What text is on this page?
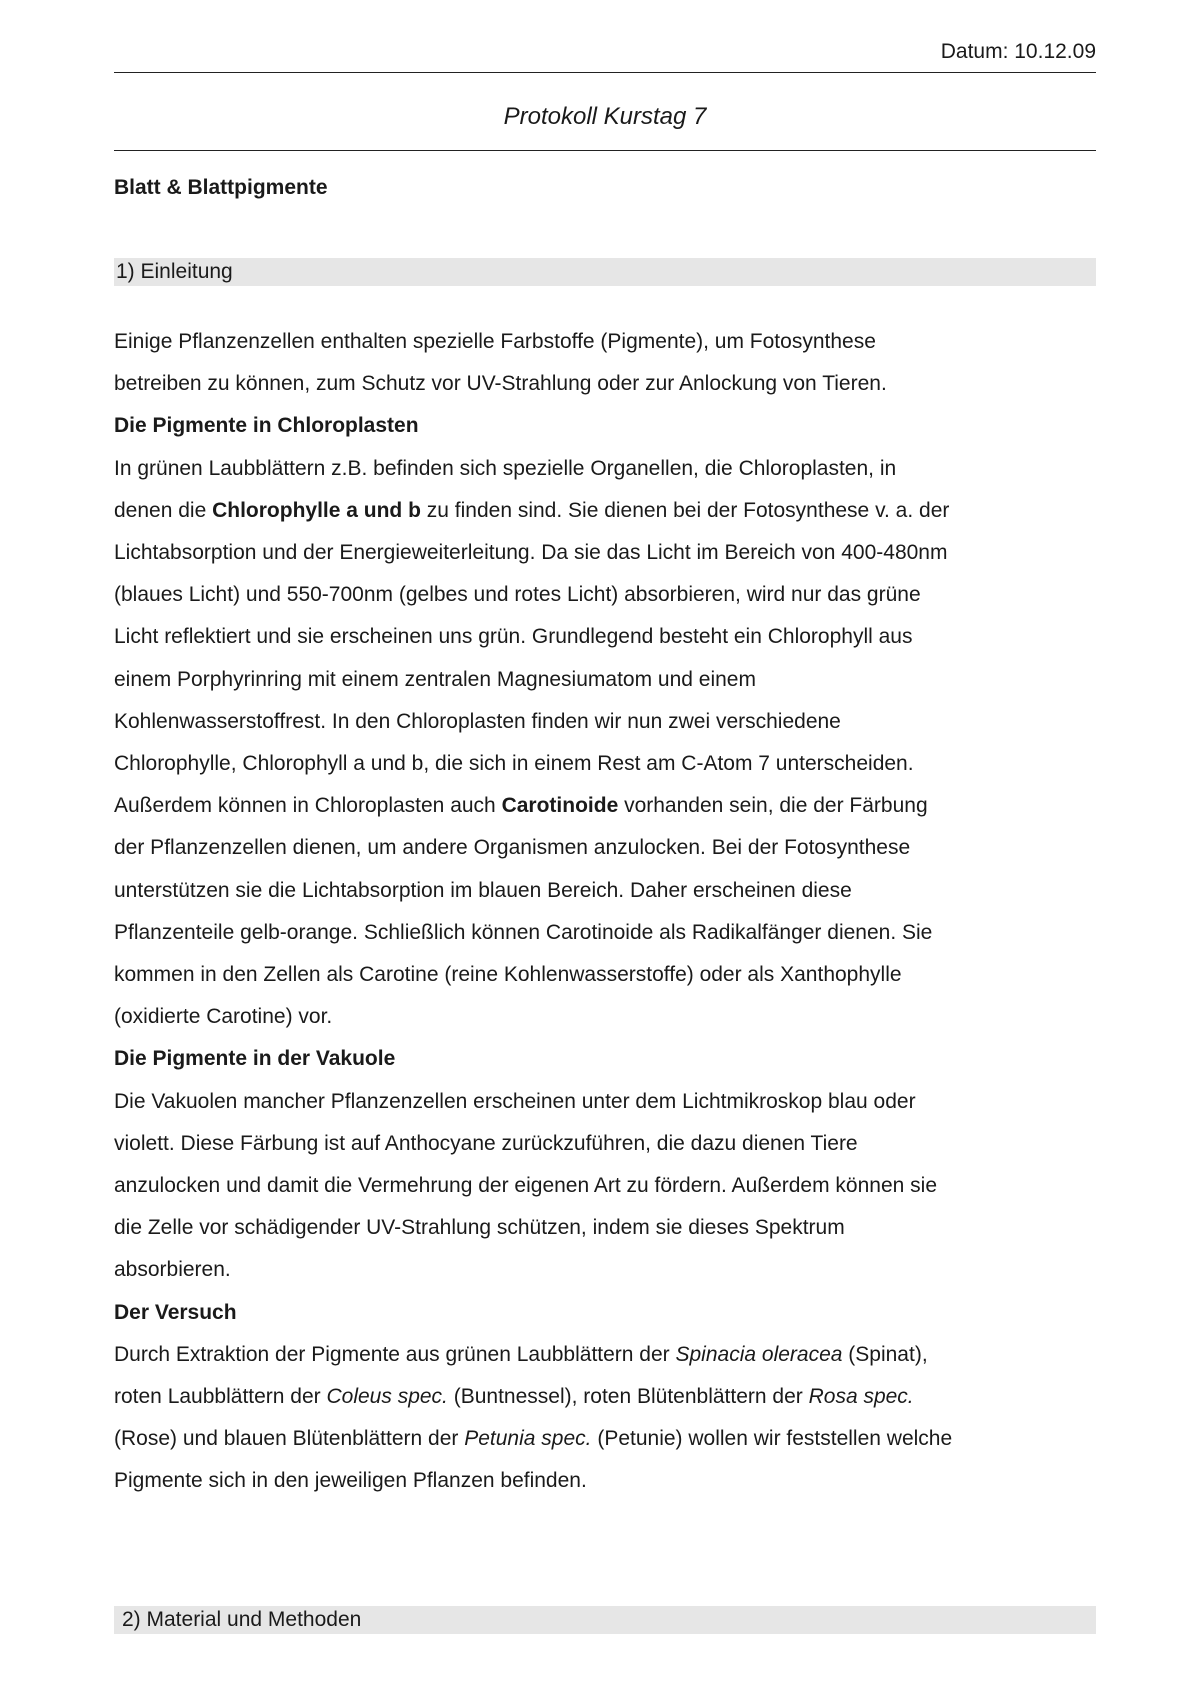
Datum: 10.12.09
Protokoll Kurstag 7
Blatt & Blattpigmente
1) Einleitung
Einige Pflanzenzellen enthalten spezielle Farbstoffe (Pigmente), um Fotosynthese
betreiben zu können, zum Schutz vor UV-Strahlung oder zur Anlockung von Tieren.
Die Pigmente in Chloroplasten
In grünen Laubblättern z.B. befinden sich spezielle Organellen, die Chloroplasten, in
denen die Chlorophylle a und b zu finden sind. Sie dienen bei der Fotosynthese v. a. der
Lichtabsorption und der Energieweiterleitung. Da sie das Licht im Bereich von 400-480nm
(blaues Licht) und 550-700nm (gelbes und rotes Licht) absorbieren, wird nur das grüne
Licht reflektiert und sie erscheinen uns grün. Grundlegend besteht ein Chlorophyll aus
einem Porphyrinring mit einem zentralen Magnesiumatom und einem
Kohlenwasserstoffrest. In den Chloroplasten finden wir nun zwei verschiedene
Chlorophylle, Chlorophyll a und b, die sich in einem Rest am C-Atom 7 unterscheiden.
Außerdem können in Chloroplasten auch Carotinoide vorhanden sein, die der Färbung
der Pflanzenzellen dienen, um andere Organismen anzulocken. Bei der Fotosynthese
unterstützen sie die Lichtabsorption im blauen Bereich. Daher erscheinen diese
Pflanzenteile gelb-orange. Schließlich können Carotinoide als Radikalfänger dienen. Sie
kommen in den Zellen als Carotine (reine Kohlenwasserstoffe) oder als Xanthophylle
(oxidierte Carotine) vor.
Die Pigmente in der Vakuole
Die Vakuolen mancher Pflanzenzellen erscheinen unter dem Lichtmikroskop blau oder
violett. Diese Färbung ist auf Anthocyane zurückzuführen, die dazu dienen Tiere
anzulocken und damit die Vermehrung der eigenen Art zu fördern. Außerdem können sie
die Zelle vor schädigender UV-Strahlung schützen, indem sie dieses Spektrum
absorbieren.
Der Versuch
Durch Extraktion der Pigmente aus grünen Laubblättern der Spinacia oleracea (Spinat),
roten Laubblättern der Coleus spec. (Buntnessel), roten Blütenblättern der Rosa spec.
(Rose) und blauen Blütenblättern der Petunia spec. (Petunie) wollen wir feststellen welche
Pigmente sich in den jeweiligen Pflanzen befinden.
2) Material und Methoden
